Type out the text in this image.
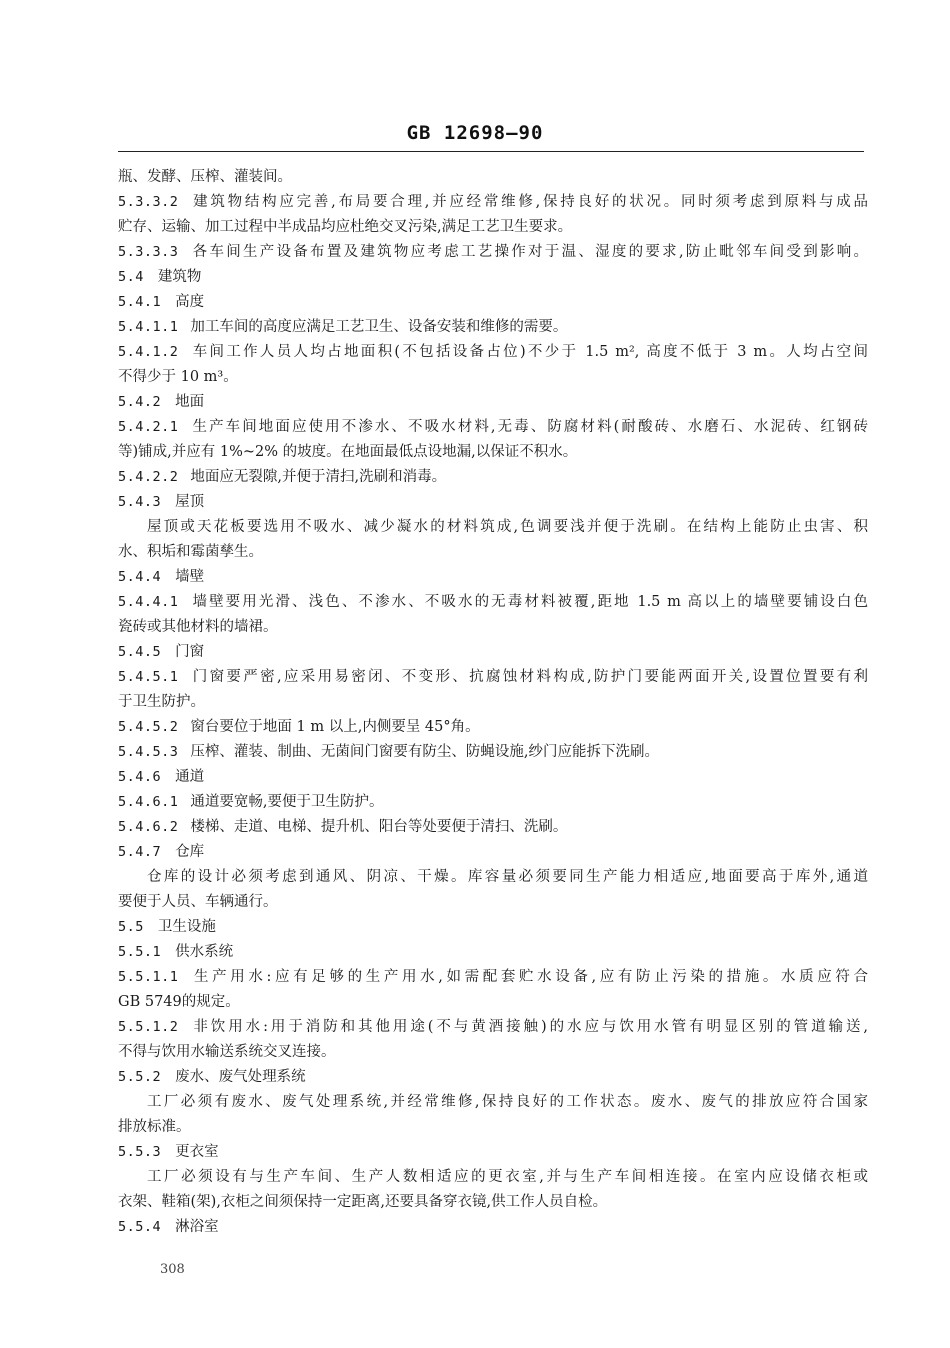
GB 12698—90
瓶、发酵、压榨、灌装间。
5.3.3.2 建筑物结构应完善,布局要合理,并应经常维修,保持良好的状况。同时须考虑到原料与成品
贮存、运输、加工过程中半成品均应杜绝交叉污染,满足工艺卫生要求。
5.3.3.3 各车间生产设备布置及建筑物应考虑工艺操作对于温、湿度的要求,防止毗邻车间受到影响。
5.4 建筑物
5.4.1 高度
5.4.1.1 加工车间的高度应满足工艺卫生、设备安装和维修的需要。
5.4.1.2 车间工作人员人均占地面积(不包括设备占位)不少于 1.5 m², 高度不低于 3 m。人均占空间
不得少于 10 m³。
5.4.2 地面
5.4.2.1 生产车间地面应使用不渗水、不吸水材料,无毒、防腐材料(耐酸砖、水磨石、水泥砖、红钢砖
等)铺成,并应有 1%~2% 的坡度。在地面最低点设地漏,以保证不积水。
5.4.2.2 地面应无裂隙,并便于清扫,洗刷和消毒。
5.4.3 屋顶
屋顶或天花板要选用不吸水、减少凝水的材料筑成,色调要浅并便于洗刷。在结构上能防止虫害、积
水、积垢和霉菌孳生。
5.4.4 墙壁
5.4.4.1 墙壁要用光滑、浅色、不渗水、不吸水的无毒材料被覆,距地 1.5 m 高以上的墙壁要铺设白色
瓷砖或其他材料的墙裙。
5.4.5 门窗
5.4.5.1 门窗要严密,应采用易密闭、不变形、抗腐蚀材料构成,防护门要能两面开关,设置位置要有利
于卫生防护。
5.4.5.2 窗台要位于地面 1 m 以上,内侧要呈 45°角。
5.4.5.3 压榨、灌装、制曲、无菌间门窗要有防尘、防蝇设施,纱门应能拆下洗刷。
5.4.6 通道
5.4.6.1 通道要宽畅,要便于卫生防护。
5.4.6.2 楼梯、走道、电梯、提升机、阳台等处要便于清扫、洗刷。
5.4.7 仓库
仓库的设计必须考虑到通风、阴凉、干燥。库容量必须要同生产能力相适应,地面要高于库外,通道
要便于人员、车辆通行。
5.5 卫生设施
5.5.1 供水系统
5.5.1.1 生产用水:应有足够的生产用水,如需配套贮水设备,应有防止污染的措施。水质应符合
GB 5749的规定。
5.5.1.2 非饮用水:用于消防和其他用途(不与黄酒接触)的水应与饮用水管有明显区别的管道输送,
不得与饮用水输送系统交叉连接。
5.5.2 废水、废气处理系统
工厂必须有废水、废气处理系统,并经常维修,保持良好的工作状态。废水、废气的排放应符合国家
排放标准。
5.5.3 更衣室
工厂必须设有与生产车间、生产人数相适应的更衣室,并与生产车间相连接。在室内应设储衣柜或
衣架、鞋箱(架),衣柜之间须保持一定距离,还要具备穿衣镜,供工作人员自检。
5.5.4 淋浴室
308
